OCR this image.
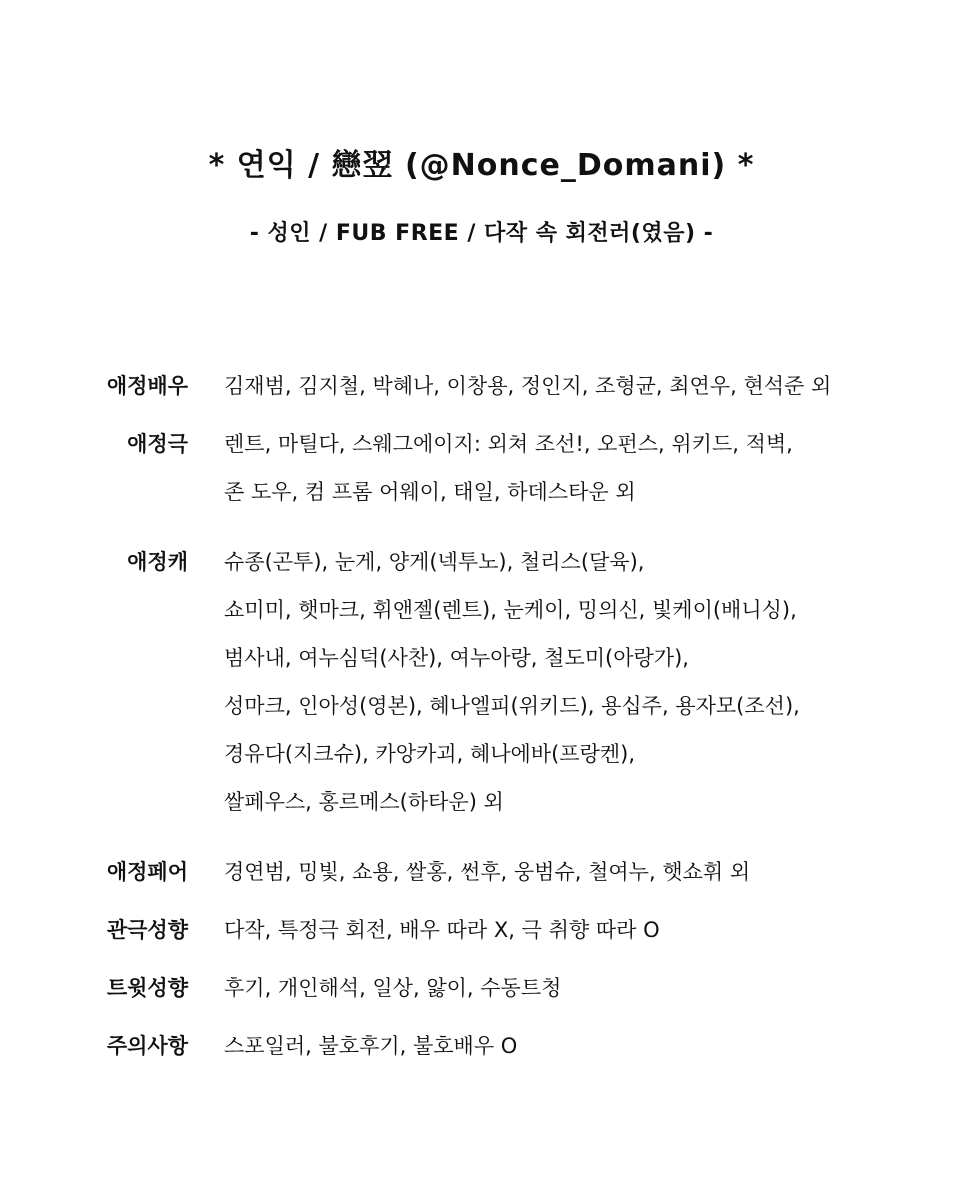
* 연익 / 戀翌 (@Nonce_Domani) *
- 성인 / FUB FREE / 다작 속 회전러(였음) -
애정배우 김재범, 김지철, 박혜나, 이창용, 정인지, 조형균, 최연우, 현석준 외
애정극 렌트, 마틸다, 스웨그에이지: 외쳐 조선!, 오펀스, 위키드, 적벽,
존 도우, 컴 프롬 어웨이, 태일, 하데스타운 외
애정캐 슈종(곤투), 눈게, 양게(넥투노), 철리스(달육),
쇼미미, 햇마크, 휘앤젤(렌트), 눈케이, 밍의신, 빛케이(배니싱),
범사내, 여누심덕(사찬), 여누아랑, 철도미(아랑가),
성마크, 인아성(영본), 혜나엘피(위키드), 용십주, 용자모(조선),
경유다(지크슈), 카앙카괴, 혜나에바(프랑켄),
쌀페우스, 홍르메스(하타운) 외
애정페어 경연범, 밍빛, 쇼용, 쌀홍, 썬후, 웅범슈, 철여누, 햇쇼휘 외
관극성향 다작, 특정극 회전, 배우 따라 X, 극 취향 따라 O
트윗성향 후기, 개인해석, 일상, 앓이, 수동트청
주의사항 스포일러, 불호후기, 불호배우 O
